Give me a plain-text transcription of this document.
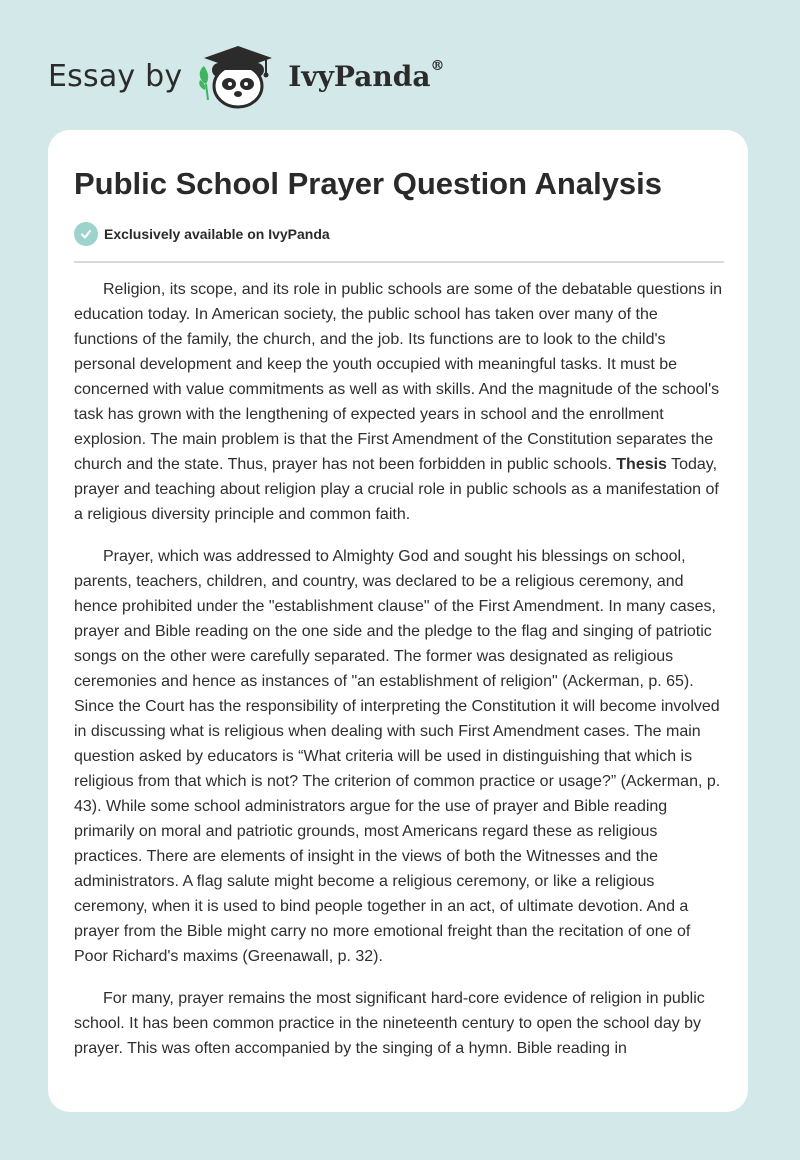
Essay by	IvyPanda®
Public School Prayer Question Analysis
Exclusively available on IvyPanda

Religion, its scope, and its role in public schools are some of the debatable questions in education today. In American society, the public school has taken over many of the functions of the family, the church, and the job. Its functions are to look to the child's personal development and keep the youth occupied with meaningful tasks. It must be concerned with value commitments as well as with skills. And the magnitude of the school's task has grown with the lengthening of expected years in school and the enrollment explosion. The main problem is that the First Amendment of the Constitution separates the church and the state. Thus, prayer has not been forbidden in public schools. Thesis Today, prayer and teaching about religion play a crucial role in public schools as a manifestation of a religious diversity principle and common faith.

Prayer, which was addressed to Almighty God and sought his blessings on school, parents, teachers, children, and country, was declared to be a religious ceremony, and hence prohibited under the "establishment clause" of the First Amendment. In many cases, prayer and Bible reading on the one side and the pledge to the flag and singing of patriotic songs on the other were carefully separated. The former was designated as religious ceremonies and hence as instances of "an establishment of religion" (Ackerman, p. 65). Since the Court has the responsibility of interpreting the Constitution it will become involved in discussing what is religious when dealing with such First Amendment cases. The main question asked by educators is “What criteria will be used in distinguishing that which is religious from that which is not? The criterion of common practice or usage?” (Ackerman, p. 43). While some school administrators argue for the use of prayer and Bible reading primarily on moral and patriotic grounds, most Americans regard these as religious practices. There are elements of insight in the views of both the Witnesses and the administrators. A flag salute might become a religious ceremony, or like a religious ceremony, when it is used to bind people together in an act, of ultimate devotion. And a prayer from the Bible might carry no more emotional freight than the recitation of one of Poor Richard's maxims (Greenawall, p. 32).

For many, prayer remains the most significant hard-core evidence of religion in public school. It has been common practice in the nineteenth century to open the school day by prayer. This was often accompanied by the singing of a hymn. Bible reading in
